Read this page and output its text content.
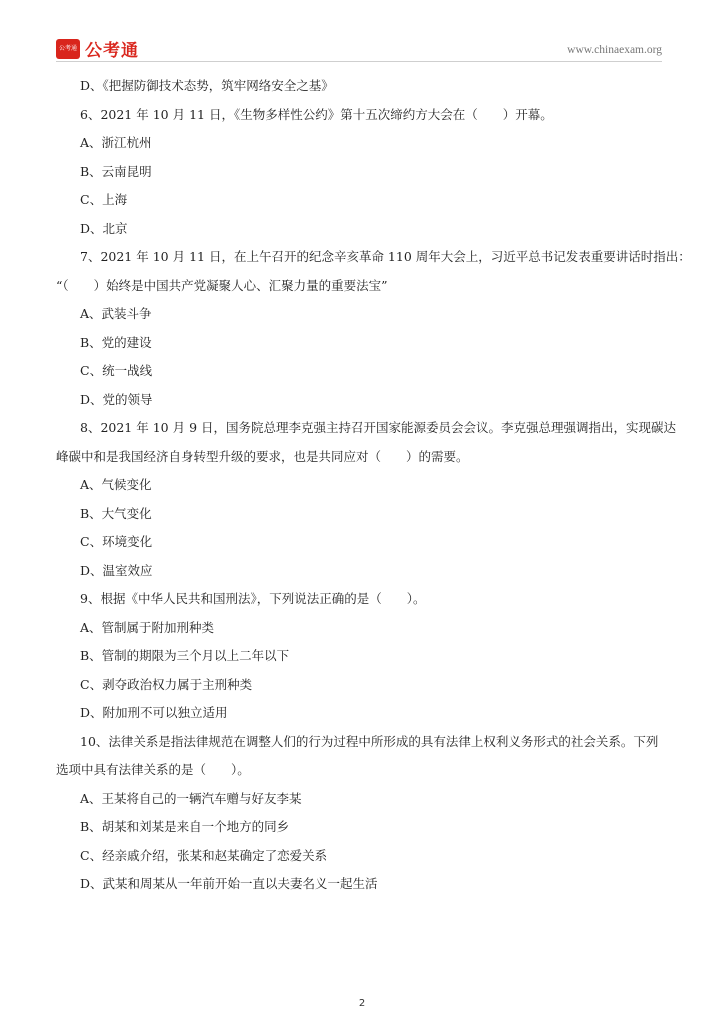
公考通 公考通	www.chinaexam.org
D、《把握防御技术态势，筑牢网络安全之基》
6、2021 年 10 月 11 日，《生物多样性公约》第十五次缔约方大会在（　　）开幕。
A、浙江杭州
B、云南昆明
C、上海
D、北京
7、2021 年 10 月 11 日，在上午召开的纪念辛亥革命 110 周年大会上，习近平总书记发表重要讲话时指出：
“（　　）始终是中国共产党凝聚人心、汇聚力量的重要法宝”
A、武装斗争
B、党的建设
C、统一战线
D、党的领导
8、2021 年 10 月 9 日，国务院总理李克强主持召开国家能源委员会会议。李克强总理强调指出，实现碳达
峰碳中和是我国经济自身转型升级的要求，也是共同应对（　　）的需要。
A、气候变化
B、大气变化
C、环境变化
D、温室效应
9、根据《中华人民共和国刑法》，下列说法正确的是（　　）。
A、管制属于附加刑种类
B、管制的期限为三个月以上二年以下
C、剥夺政治权力属于主刑种类
D、附加刑不可以独立适用
10、法律关系是指法律规范在调整人们的行为过程中所形成的具有法律上权利义务形式的社会关系。下列
选项中具有法律关系的是（　　）。
A、王某将自己的一辆汽车赠与好友李某
B、胡某和刘某是来自一个地方的同乡
C、经亲戚介绍，张某和赵某确定了恋爱关系
D、武某和周某从一年前开始一直以夫妻名义一起生活
2
